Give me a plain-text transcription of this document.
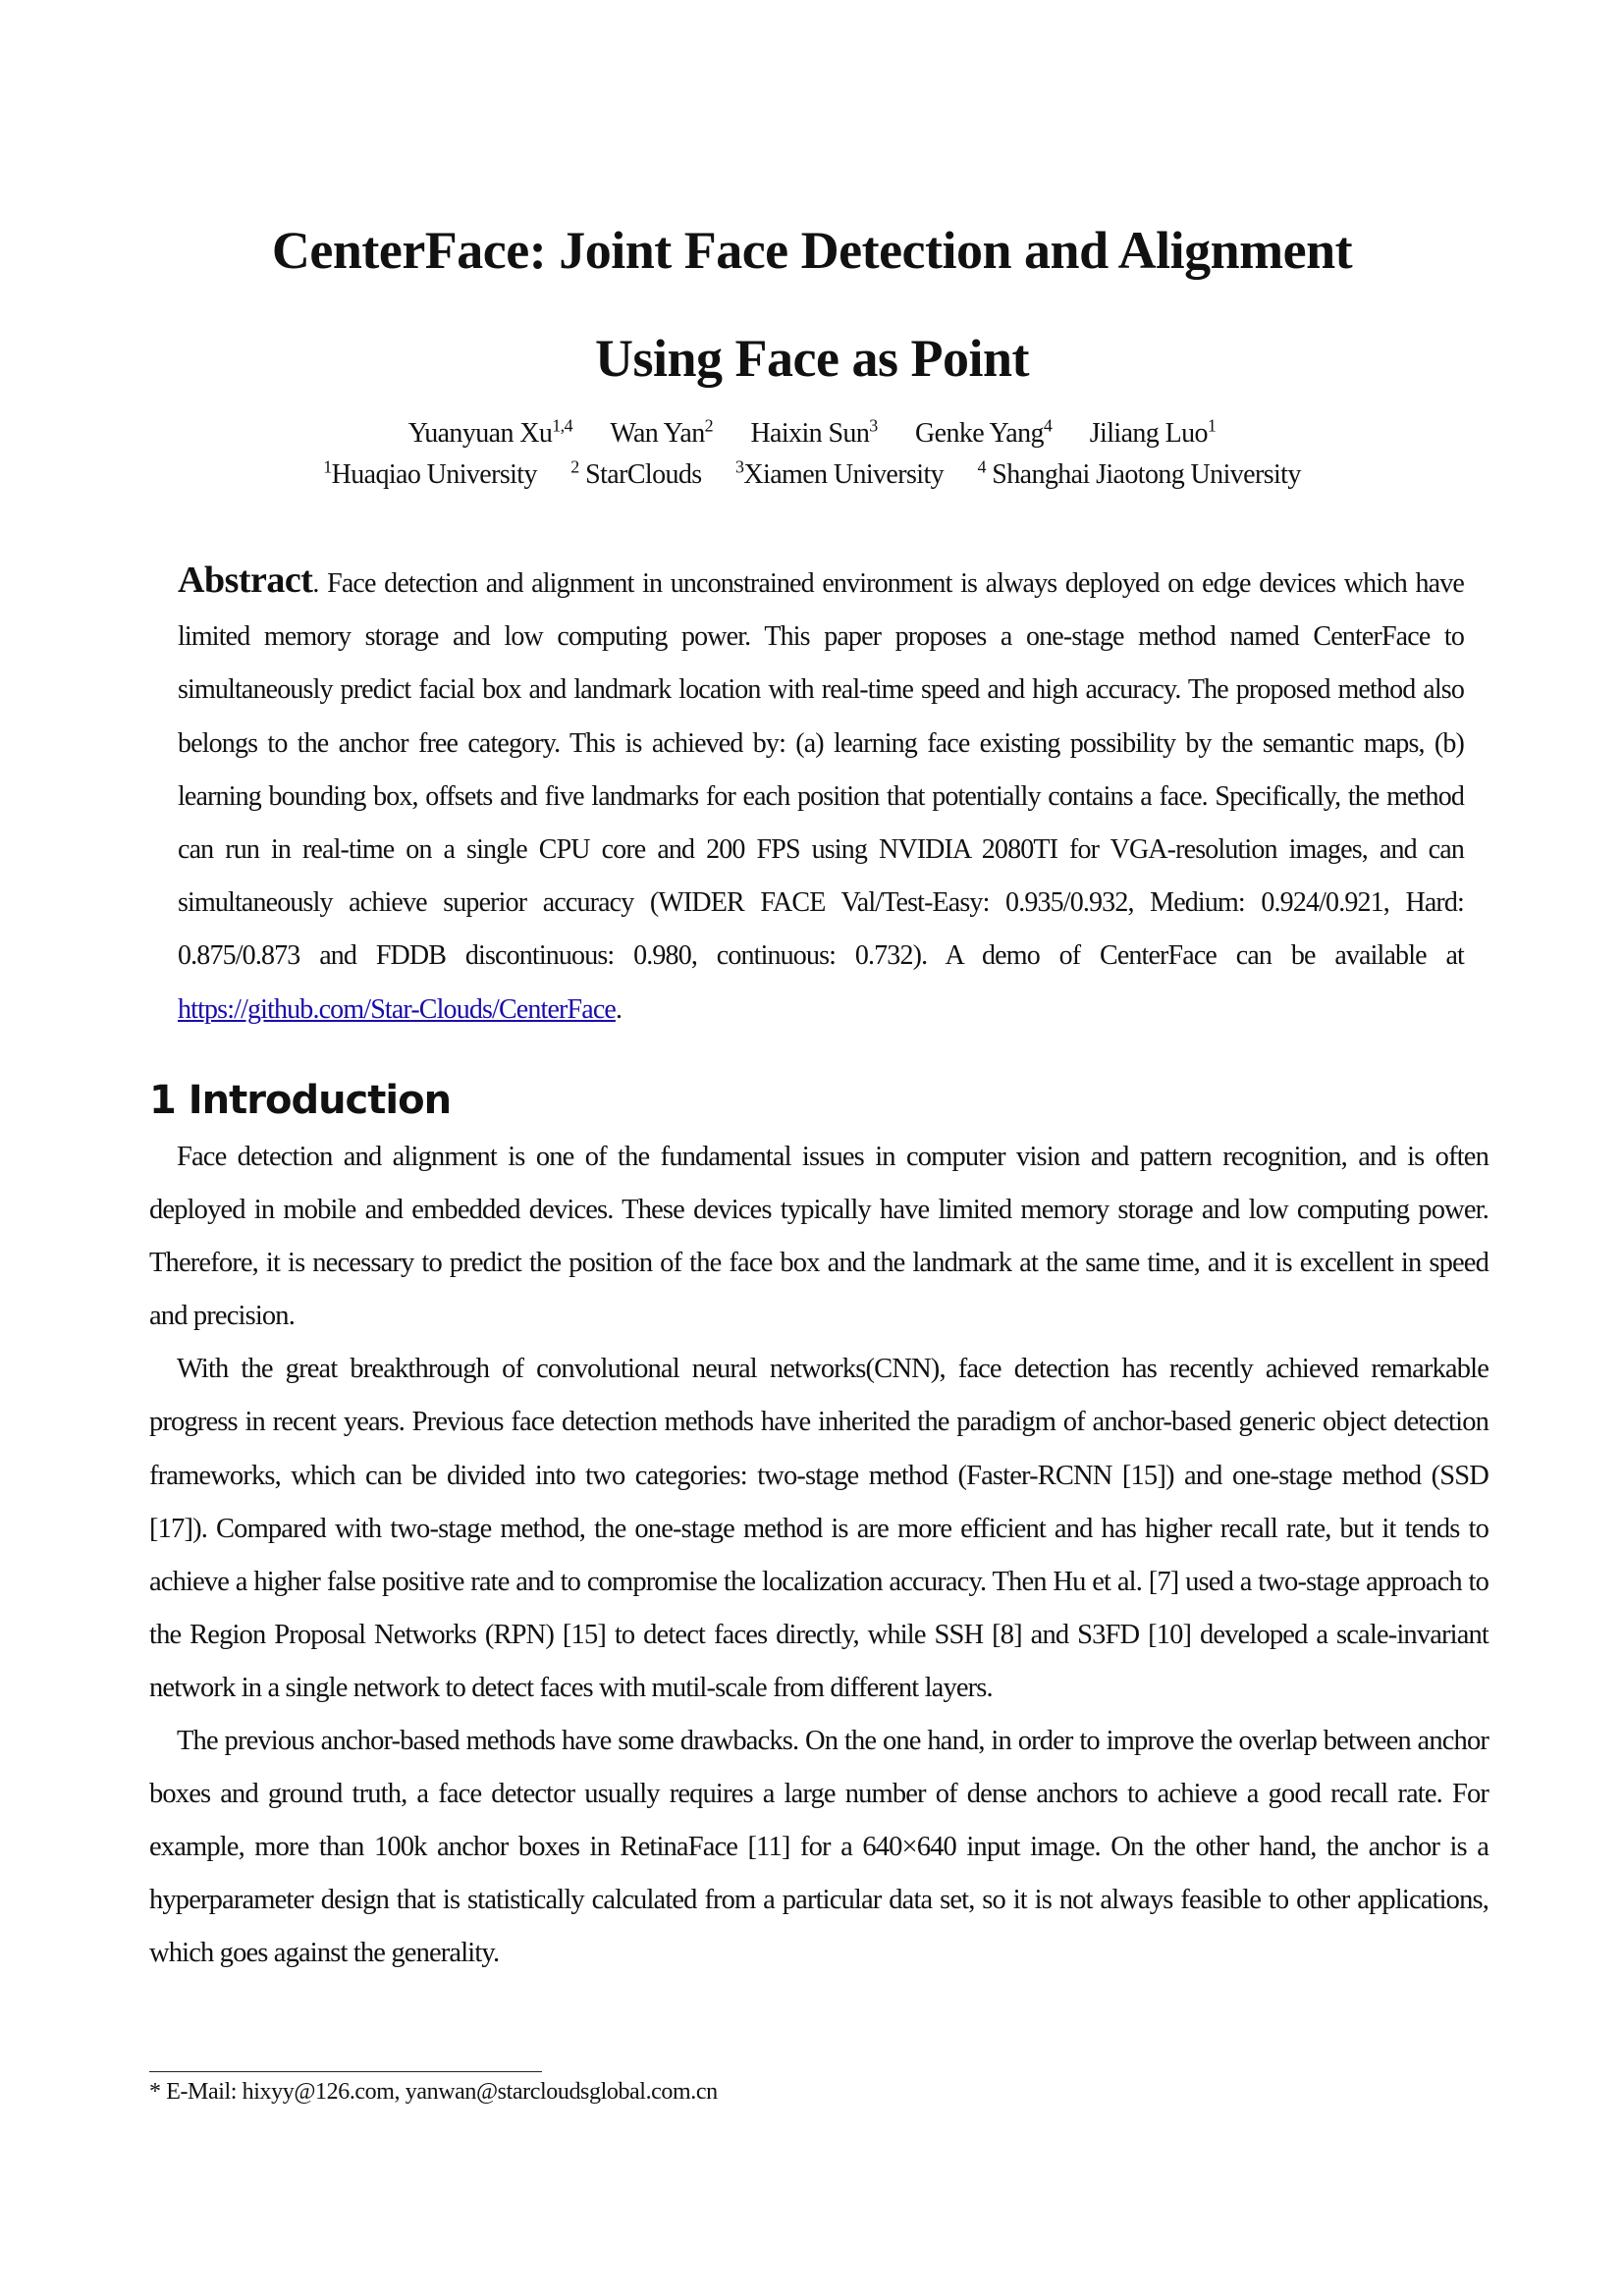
CenterFace: Joint Face Detection and Alignment
Using Face as Point
Yuanyuan Xu$^{1,4}$ Wan Yan$^2$ Haixin Sun$^3$ Genke Yang$^4$ Jiliang Luo$^1$
$^1$Huaqiao University $^2$ StarClouds $^3$Xiamen University $^4$ Shanghai Jiaotong University

Abstract. Face detection and alignment in unconstrained environment is always deployed on edge devices which have limited memory storage and low computing power. This paper proposes a one-stage method named CenterFace to simultaneously predict facial box and landmark location with real-time speed and high accuracy. The proposed method also belongs to the anchor free category. This is achieved by: (a) learning face existing possibility by the semantic maps, (b) learning bounding box, offsets and five landmarks for each position that potentially contains a face. Specifically, the method can run in real-time on a single CPU core and 200 FPS using NVIDIA 2080TI for VGA-resolution images, and can simultaneously achieve superior accuracy (WIDER FACE Val/Test-Easy: 0.935/0.932, Medium: 0.924/0.921, Hard: 0.875/0.873 and FDDB discontinuous: 0.980, continuous: 0.732). A demo of CenterFace can be available at https://github.com/Star-Clouds/CenterFace.

1 Introduction

Face detection and alignment is one of the fundamental issues in computer vision and pattern recognition, and is often deployed in mobile and embedded devices. These devices typically have limited memory storage and low computing power. Therefore, it is necessary to predict the position of the face box and the landmark at the same time, and it is excellent in speed and precision.

With the great breakthrough of convolutional neural networks(CNN), face detection has recently achieved remarkable progress in recent years. Previous face detection methods have inherited the paradigm of anchor-based generic object detection frameworks, which can be divided into two categories: two-stage method (Faster-RCNN [15]) and one-stage method (SSD [17]). Compared with two-stage method, the one-stage method is are more efficient and has higher recall rate, but it tends to achieve a higher false positive rate and to compromise the localization accuracy. Then Hu et al. [7] used a two-stage approach to the Region Proposal Networks (RPN) [15] to detect faces directly, while SSH [8] and S3FD [10] developed a scale-invariant network in a single network to detect faces with mutil-scale from different layers.

The previous anchor-based methods have some drawbacks. On the one hand, in order to improve the overlap between anchor boxes and ground truth, a face detector usually requires a large number of dense anchors to achieve a good recall rate. For example, more than 100k anchor boxes in RetinaFace [11] for a 640×640 input image. On the other hand, the anchor is a hyperparameter design that is statistically calculated from a particular data set, so it is not always feasible to other applications, which goes against the generality.

* E-Mail: hixyy@126.com, yanwan@starcloudsglobal.com.cn
